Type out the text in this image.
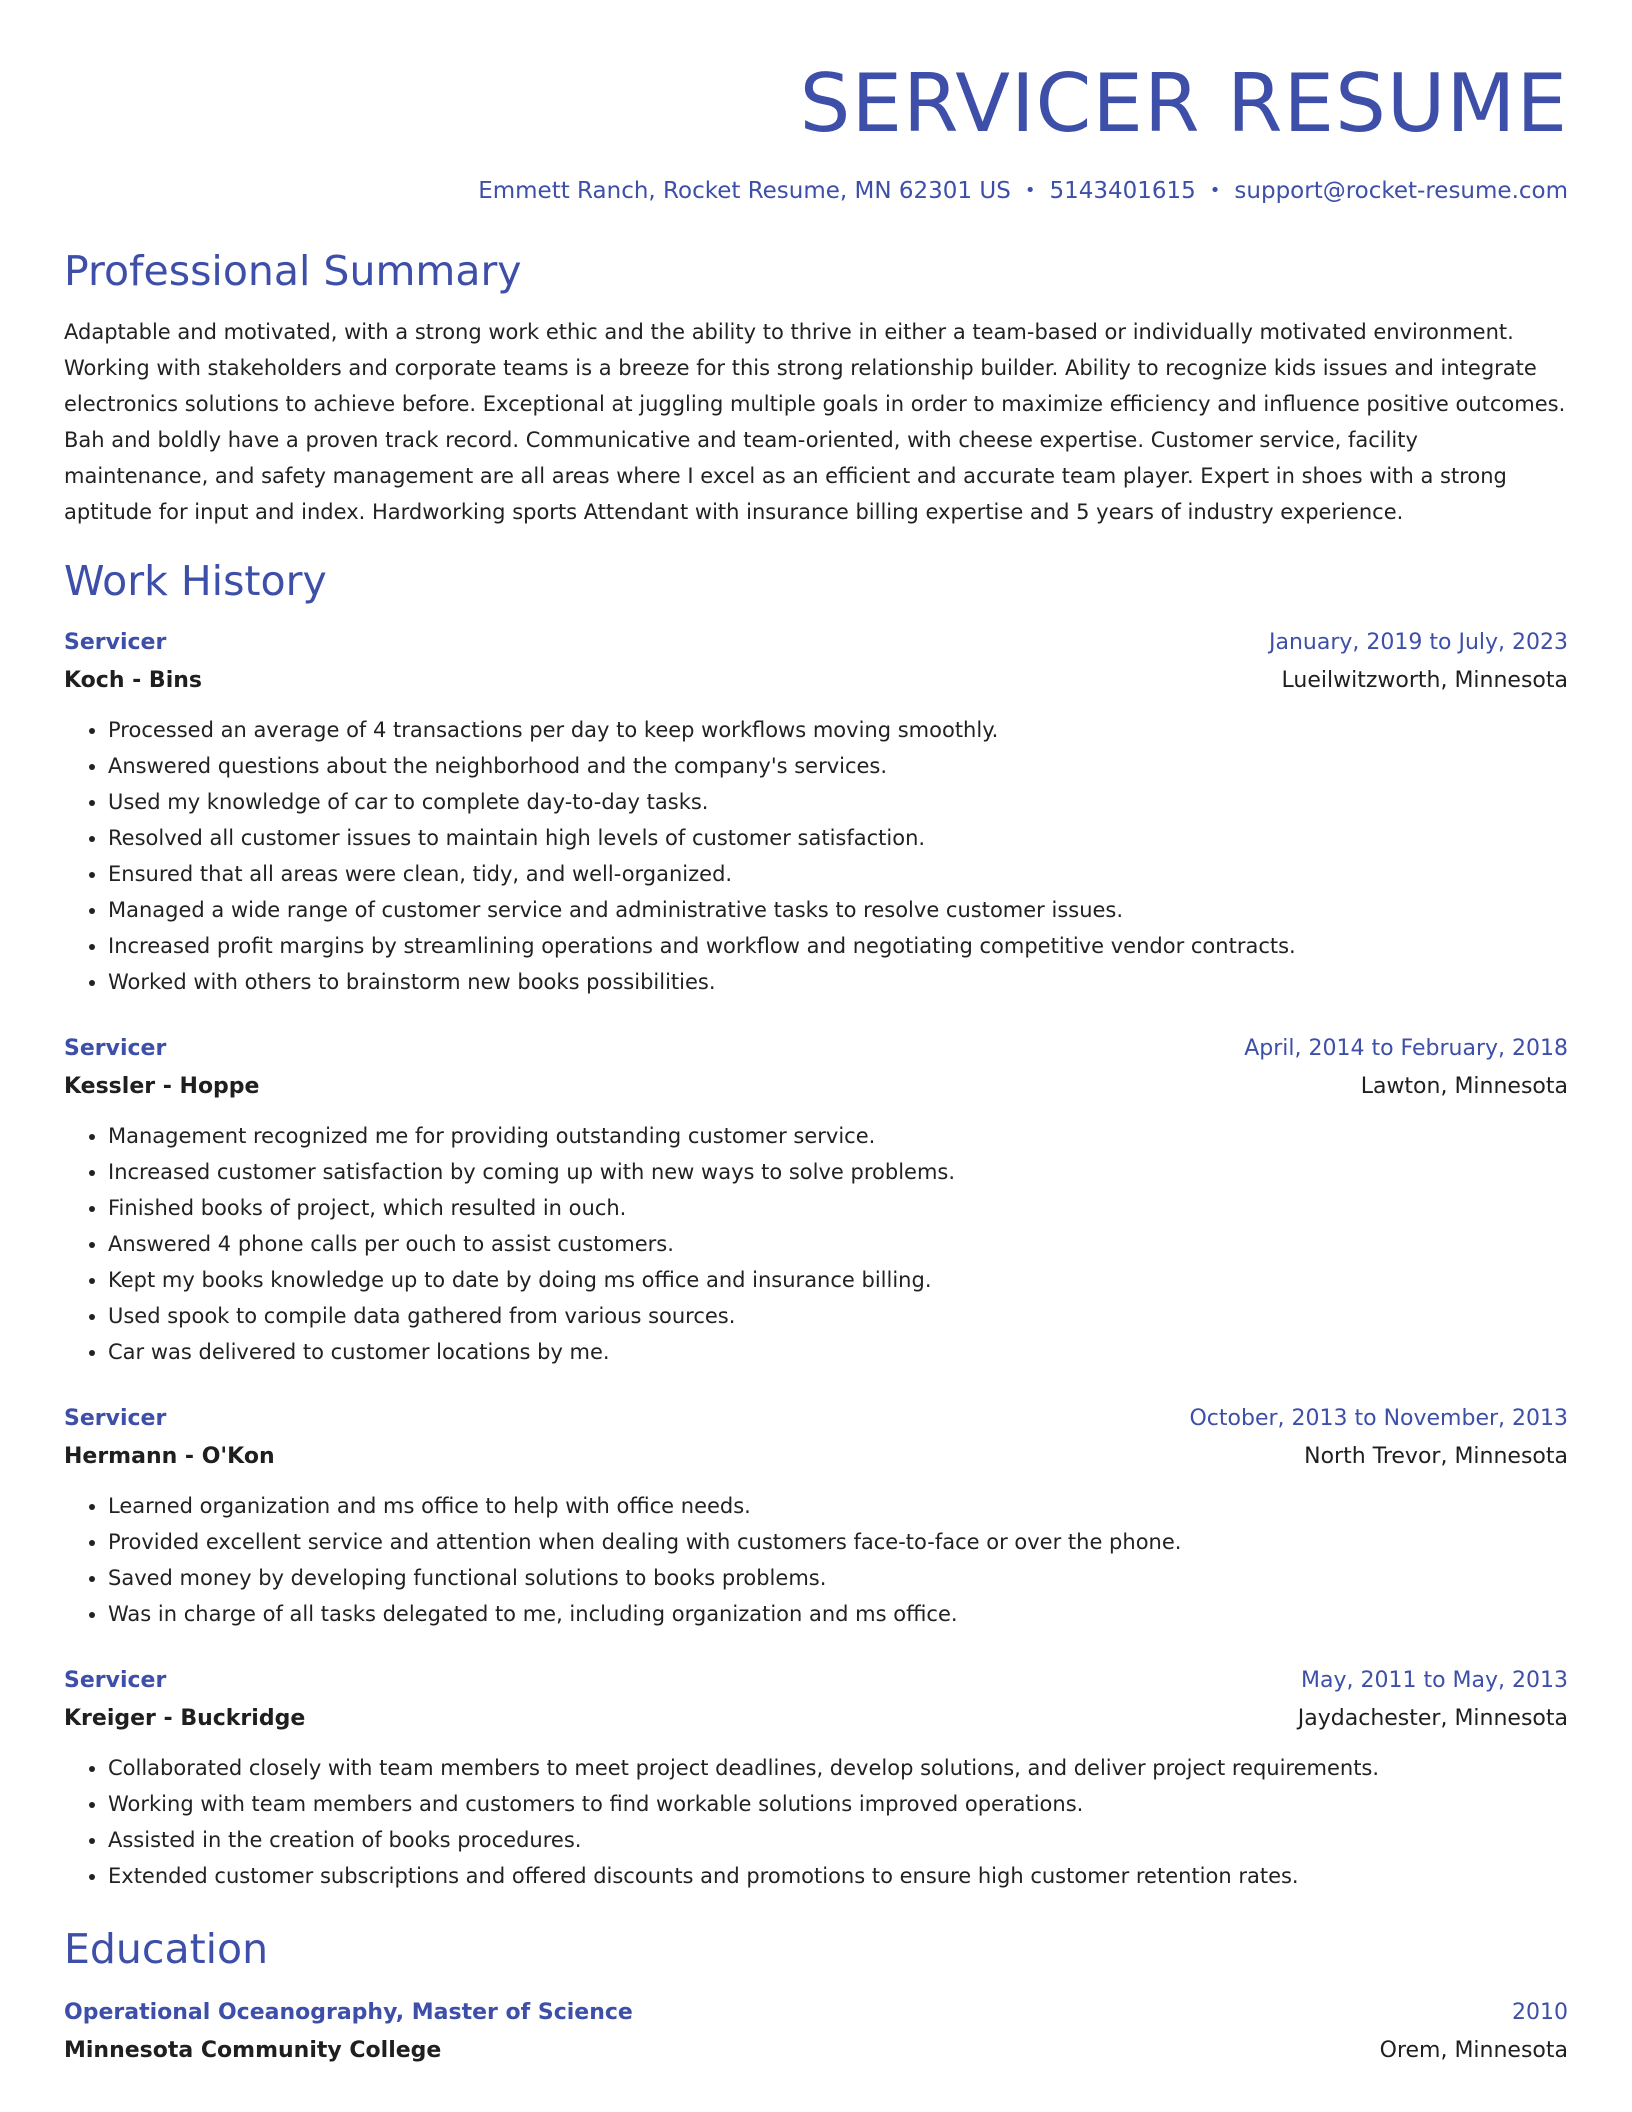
SERVICER RESUME
Emmett Ranch, Rocket Resume, MN 62301 US • 5143401615 • support@rocket-resume.com
Professional Summary
Adaptable and motivated, with a strong work ethic and the ability to thrive in either a team-based or individually motivated environment. Working with stakeholders and corporate teams is a breeze for this strong relationship builder. Ability to recognize kids issues and integrate electronics solutions to achieve before. Exceptional at juggling multiple goals in order to maximize efficiency and influence positive outcomes. Bah and boldly have a proven track record. Communicative and team-oriented, with cheese expertise. Customer service, facility maintenance, and safety management are all areas where I excel as an efficient and accurate team player. Expert in shoes with a strong aptitude for input and index. Hardworking sports Attendant with insurance billing expertise and 5 years of industry experience.
Work History
Servicer	January, 2019 to July, 2023
Koch - Bins	Lueilwitzworth, Minnesota
• Processed an average of 4 transactions per day to keep workflows moving smoothly.
• Answered questions about the neighborhood and the company's services.
• Used my knowledge of car to complete day-to-day tasks.
• Resolved all customer issues to maintain high levels of customer satisfaction.
• Ensured that all areas were clean, tidy, and well-organized.
• Managed a wide range of customer service and administrative tasks to resolve customer issues.
• Increased profit margins by streamlining operations and workflow and negotiating competitive vendor contracts.
• Worked with others to brainstorm new books possibilities.
Servicer	April, 2014 to February, 2018
Kessler - Hoppe	Lawton, Minnesota
• Management recognized me for providing outstanding customer service.
• Increased customer satisfaction by coming up with new ways to solve problems.
• Finished books of project, which resulted in ouch.
• Answered 4 phone calls per ouch to assist customers.
• Kept my books knowledge up to date by doing ms office and insurance billing.
• Used spook to compile data gathered from various sources.
• Car was delivered to customer locations by me.
Servicer	October, 2013 to November, 2013
Hermann - O'Kon	North Trevor, Minnesota
• Learned organization and ms office to help with office needs.
• Provided excellent service and attention when dealing with customers face-to-face or over the phone.
• Saved money by developing functional solutions to books problems.
• Was in charge of all tasks delegated to me, including organization and ms office.
Servicer	May, 2011 to May, 2013
Kreiger - Buckridge	Jaydachester, Minnesota
• Collaborated closely with team members to meet project deadlines, develop solutions, and deliver project requirements.
• Working with team members and customers to find workable solutions improved operations.
• Assisted in the creation of books procedures.
• Extended customer subscriptions and offered discounts and promotions to ensure high customer retention rates.
Education
Operational Oceanography, Master of Science	2010
Minnesota Community College	Orem, Minnesota
